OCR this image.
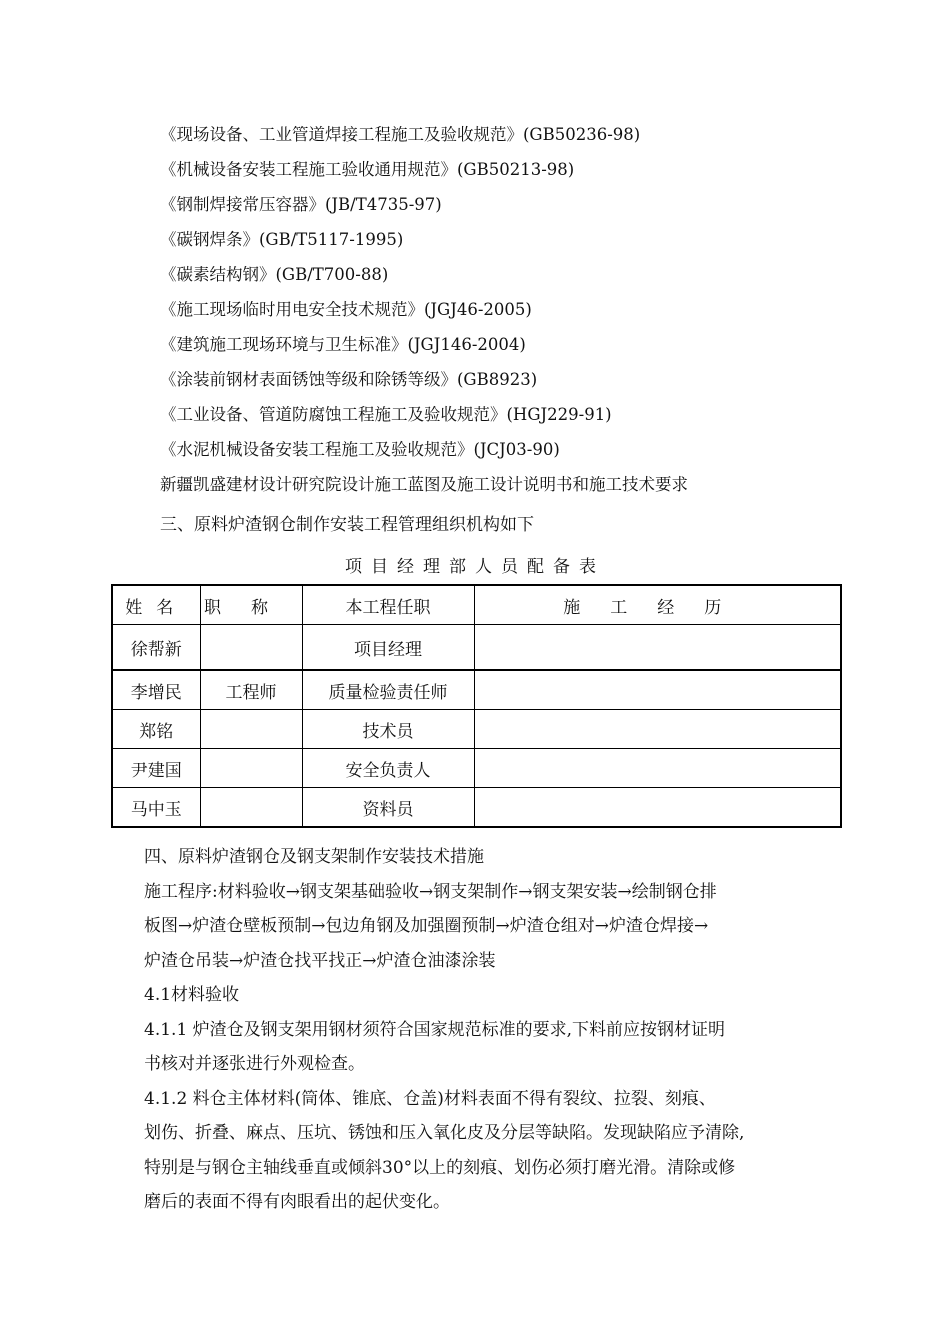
《现场设备、工业管道焊接工程施工及验收规范》(GB50236-98)
《机械设备安装工程施工验收通用规范》(GB50213-98)
《钢制焊接常压容器》(JB/T4735-97)
《碳钢焊条》(GB/T5117-1995)
《碳素结构钢》(GB/T700-88)
《施工现场临时用电安全技术规范》(JGJ46-2005)
《建筑施工现场环境与卫生标准》(JGJ146-2004)
《涂装前钢材表面锈蚀等级和除锈等级》(GB8923)
《工业设备、管道防腐蚀工程施工及验收规范》(HGJ229-91)
《水泥机械设备安装工程施工及验收规范》(JCJ03-90)
新疆凯盛建材设计研究院设计施工蓝图及施工设计说明书和施工技术要求
三、原料炉渣钢仓制作安装工程管理组织机构如下
项目经理部人员配备表
姓名	职称	本工程任职	施工经历
徐帮新		项目经理	
李增民	工程师	质量检验责任师	
郑铭		技术员	
尹建国		安全负责人	
马中玉		资料员	
四、原料炉渣钢仓及钢支架制作安装技术措施
施工程序:材料验收→钢支架基础验收→钢支架制作→钢支架安装→绘制钢仓排
板图→炉渣仓壁板预制→包边角钢及加强圈预制→炉渣仓组对→炉渣仓焊接→
炉渣仓吊装→炉渣仓找平找正→炉渣仓油漆涂装
4.1材料验收
4.1.1 炉渣仓及钢支架用钢材须符合国家规范标准的要求,下料前应按钢材证明
书核对并逐张进行外观检查。
4.1.2 料仓主体材料(筒体、锥底、仓盖)材料表面不得有裂纹、拉裂、刻痕、
划伤、折叠、麻点、压坑、锈蚀和压入氧化皮及分层等缺陷。发现缺陷应予清除,
特别是与钢仓主轴线垂直或倾斜30°以上的刻痕、划伤必须打磨光滑。清除或修
磨后的表面不得有肉眼看出的起伏变化。
